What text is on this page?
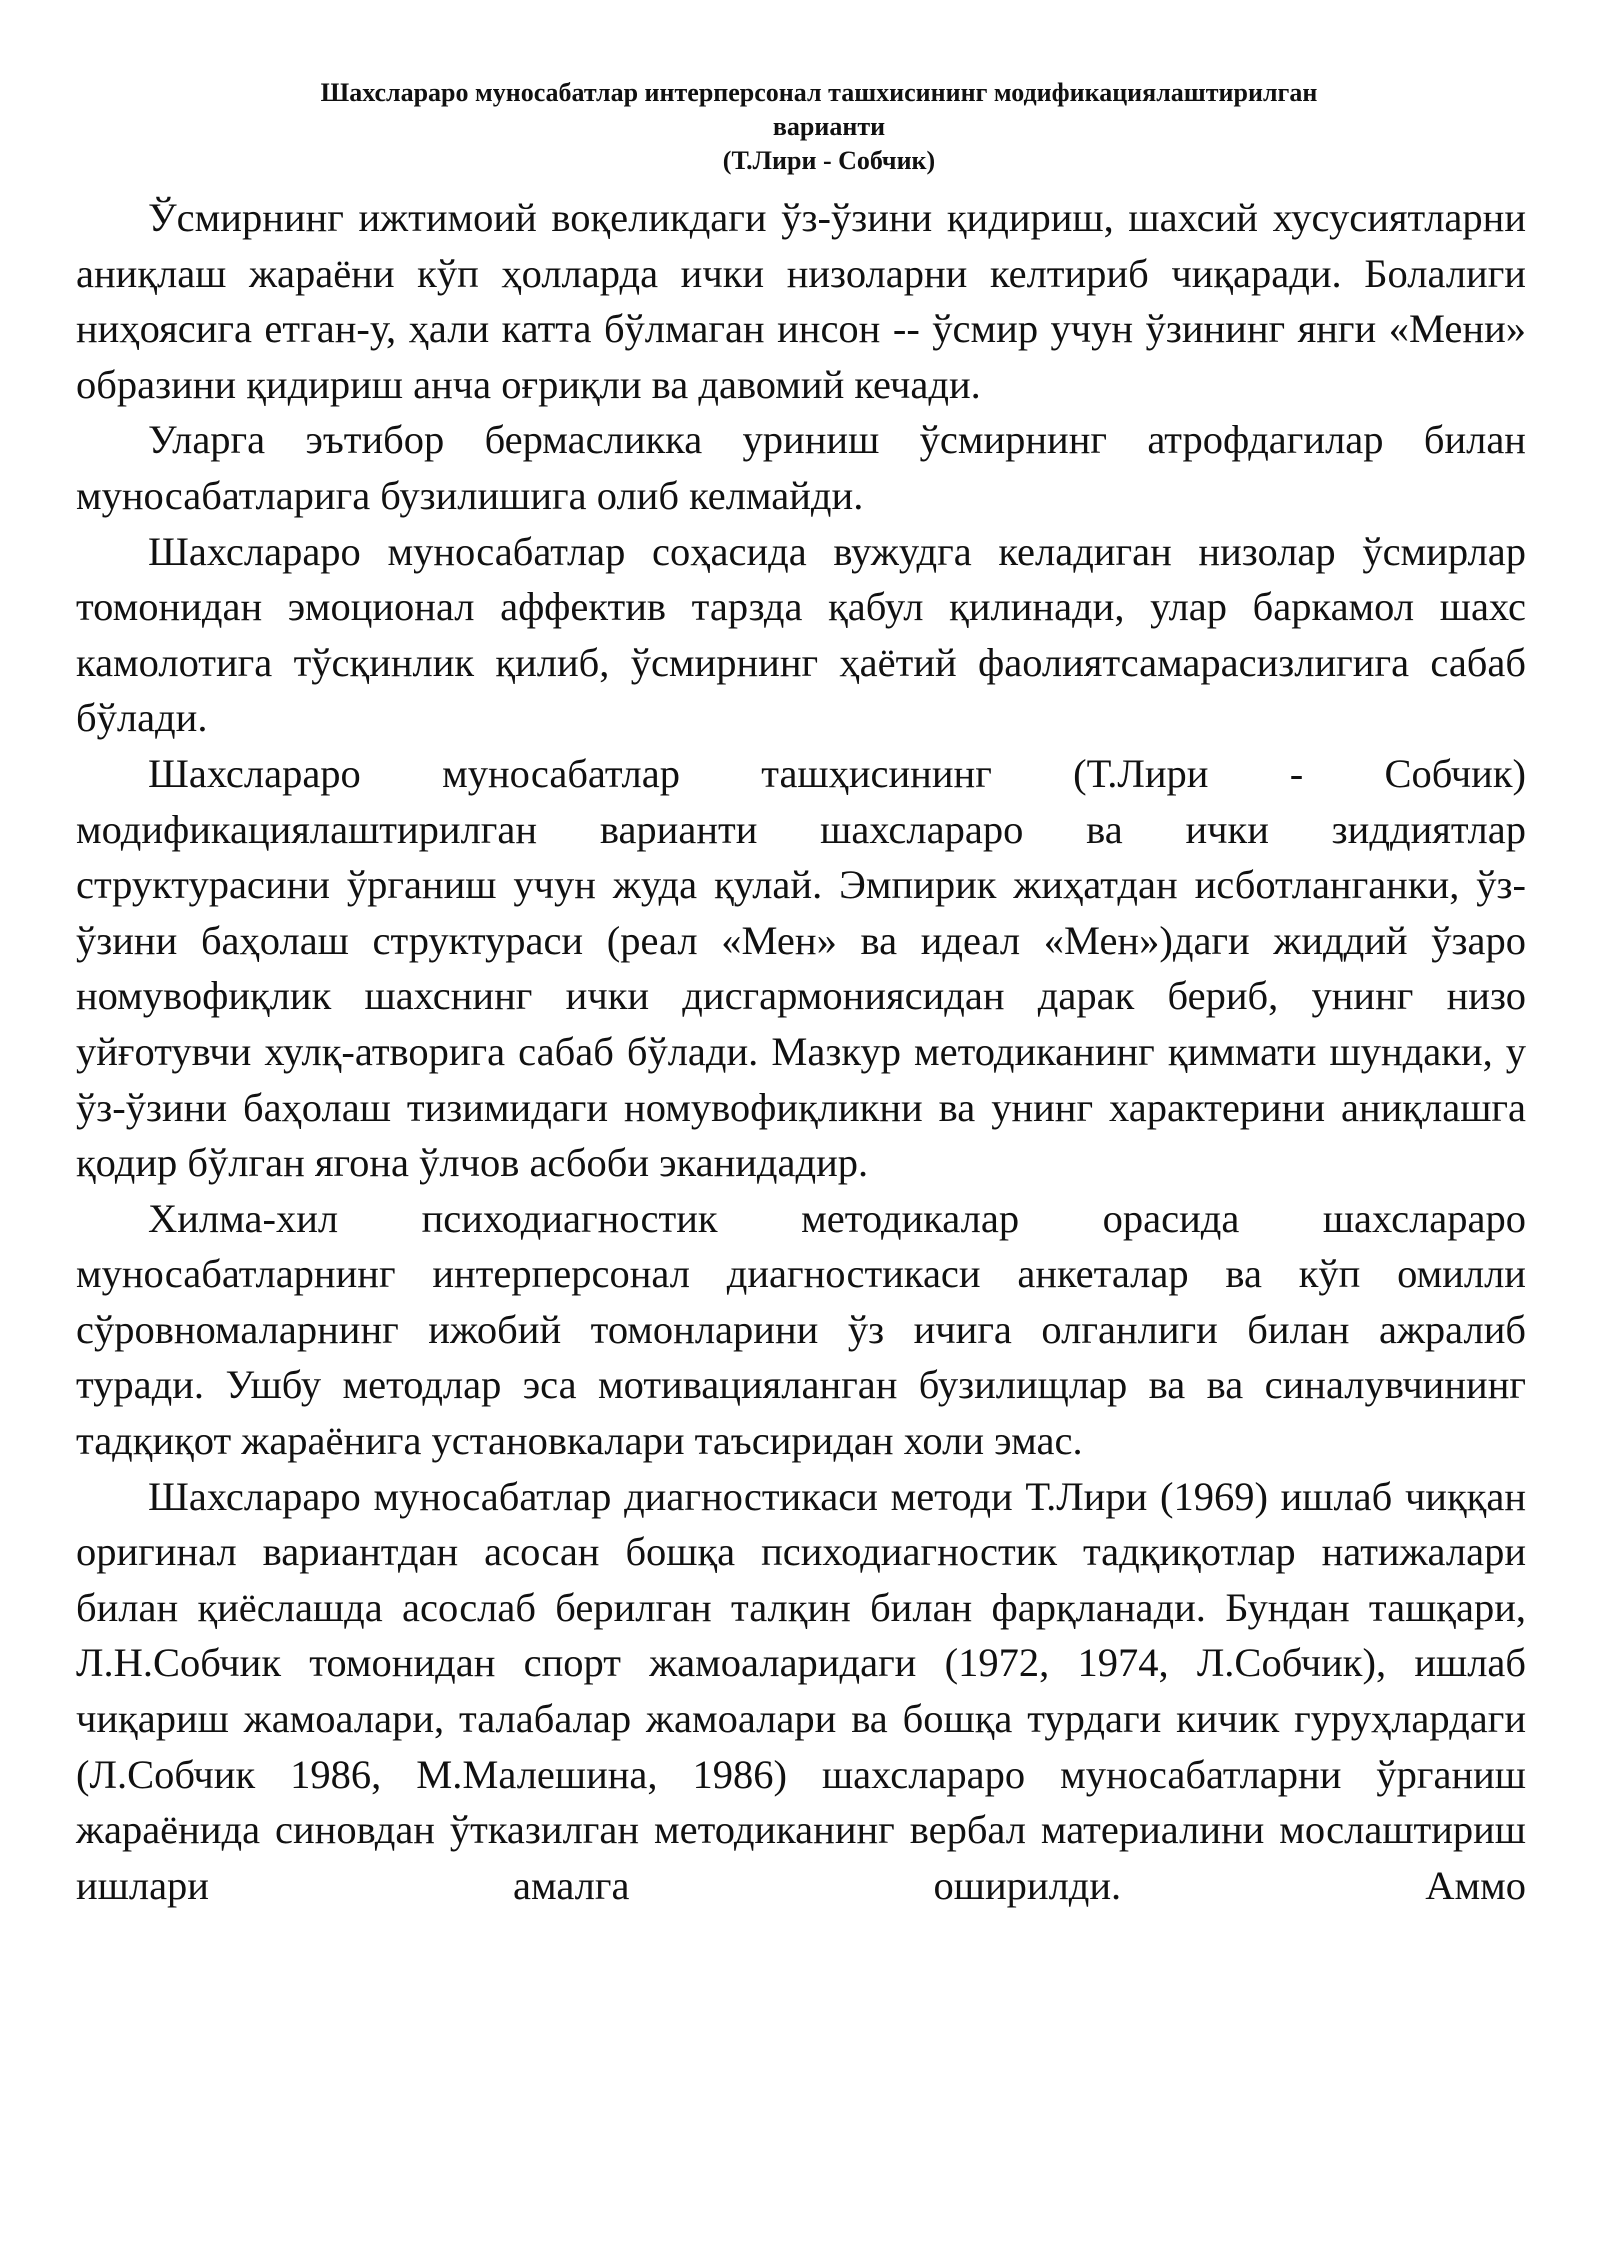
Шахслараро муносабатлар интерперсонал ташхисининг модификациялаштирилган
варианти
(Т.Лири - Собчик)

Ўсмирнинг ижтимоий воқеликдаги ўз-ўзини қидириш, шахсий хусусиятларни аниқлаш жараёни кўп ҳолларда ички низоларни келтириб чиқаради. Болалиги ниҳоясига етган-у, ҳали катта бўлмаган инсон -- ўсмир учун ўзининг янги «Мени» образини қидириш анча оғриқли ва давомий кечади.

Уларга эътибор бермасликка уриниш ўсмирнинг атрофдагилар билан муносабатларига бузилишига олиб келмайди.

Шахслараро муносабатлар соҳасида вужудга келадиган низолар ўсмирлар томонидан эмоционал аффектив тарзда қабул қилинади, улар баркамол шахс камолотига тўсқинлик қилиб, ўсмирнинг ҳаётий фаолиятсамарасизлигига сабаб бўлади.

Шахслараро муносабатлар ташҳисининг (Т.Лири - Собчик) модификациялаштирилган варианти шахслараро ва ички зиддиятлар структурасини ўрганиш учун жуда қулай. Эмпирик жиҳатдан исботланганки, ўз-ўзини баҳолаш структураси (реал «Мен» ва идеал «Мен»)даги жиддий ўзаро номувофиқлик шахснинг ички дисгармониясидан дарак бериб, унинг низо уйғотувчи хулқ-атворига сабаб бўлади. Мазкур методиканинг қиммати шундаки, у ўз-ўзини баҳолаш тизимидаги номувофиқликни ва унинг характерини аниқлашга қодир бўлган ягона ўлчов асбоби эканидадир.

Хилма-хил психодиагностик методикалар орасида шахслараро муносабатларнинг интерперсонал диагностикаси анкеталар ва кўп омилли сўровномаларнинг ижобий томонларини ўз ичига олганлиги билан ажралиб туради. Ушбу методлар эса мотивацияланган бузилищлар ва ва синалувчининг тадқиқот жараёнига установкалари таъсиридан холи эмас.

Шахслараро муносабатлар диагностикаси методи Т.Лири (1969) ишлаб чиққан оригинал вариантдан асосан бошқа психодиагностик тадқиқотлар натижалари билан қиёслашда асослаб берилган талқин билан фарқланади. Бундан ташқари, Л.Н.Собчик томонидан спорт жамоаларидаги (1972, 1974, Л.Собчик), ишлаб чиқариш жамоалари, талабалар жамоалари ва бошқа турдаги кичик гуруҳлардаги (Л.Собчик 1986, М.Малешина, 1986) шахслараро муносабатларни ўрганиш жараёнида синовдан ўтказилган методиканинг вербал материалини мослаштириш ишлари амалга оширилди. Аммо
